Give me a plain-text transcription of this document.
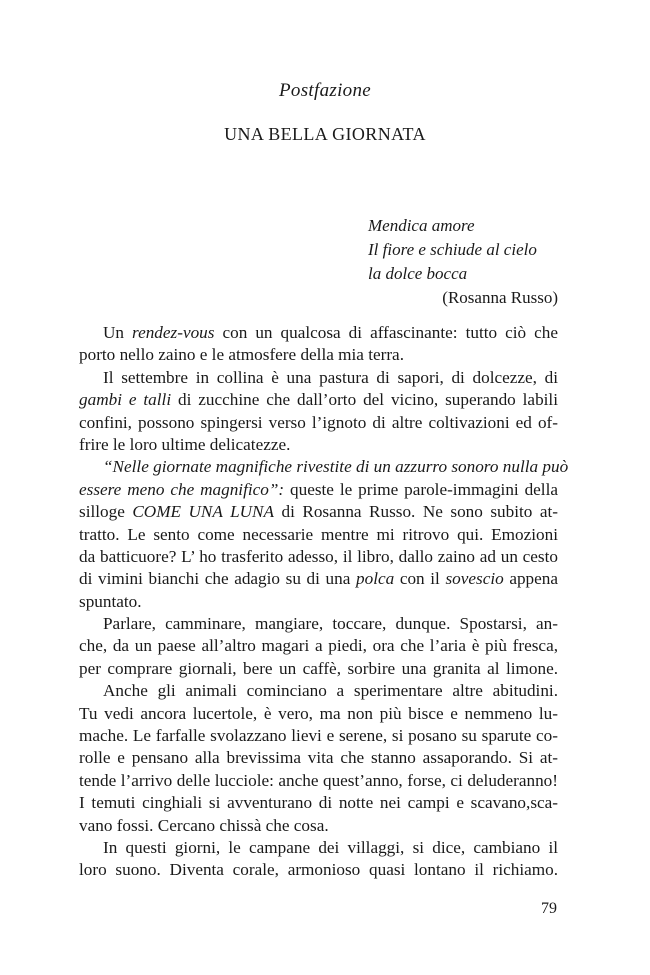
Postfazione
UNA BELLA GIORNATA
Mendica amore
Il fiore e schiude al cielo
la dolce bocca
(Rosanna Russo)
Un rendez-vous con un qualcosa di affascinante: tutto ciò che
porto nello zaino e le atmosfere della mia terra.
Il settembre in collina è una pastura di sapori, di dolcezze, di
gambi e talli di zucchine che dall’orto del vicino, superando labili
confini, possono spingersi verso l’ignoto di altre coltivazioni ed of-
frire le loro ultime delicatezze.
“Nelle giornate magnifiche rivestite di un azzurro sonoro nulla può
essere meno che magnifico”: queste le prime parole-immagini della
silloge COME UNA LUNA di Rosanna Russo. Ne sono subito at-
tratto. Le sento come necessarie mentre mi ritrovo qui. Emozioni
da batticuore? L’ ho trasferito adesso, il libro, dallo zaino ad un cesto
di vimini bianchi che adagio su di una polca con il sovescio appena
spuntato.
Parlare, camminare, mangiare, toccare, dunque. Spostarsi, an-
che, da un paese all’altro magari a piedi, ora che l’aria è più fresca,
per comprare giornali, bere un caffè, sorbire una granita al limone.
Anche gli animali cominciano a sperimentare altre abitudini.
Tu vedi ancora lucertole, è vero, ma non più bisce e nemmeno lu-
mache. Le farfalle svolazzano lievi e serene, si posano su sparute co-
rolle e pensano alla brevissima vita che stanno assaporando. Si at-
tende l’arrivo delle lucciole: anche quest’anno, forse, ci deluderanno!
I temuti cinghiali si avventurano di notte nei campi e scavano,sca-
vano fossi. Cercano chissà che cosa.
In questi giorni, le campane dei villaggi, si dice, cambiano il
loro suono. Diventa corale, armonioso quasi lontano il richiamo.
79
